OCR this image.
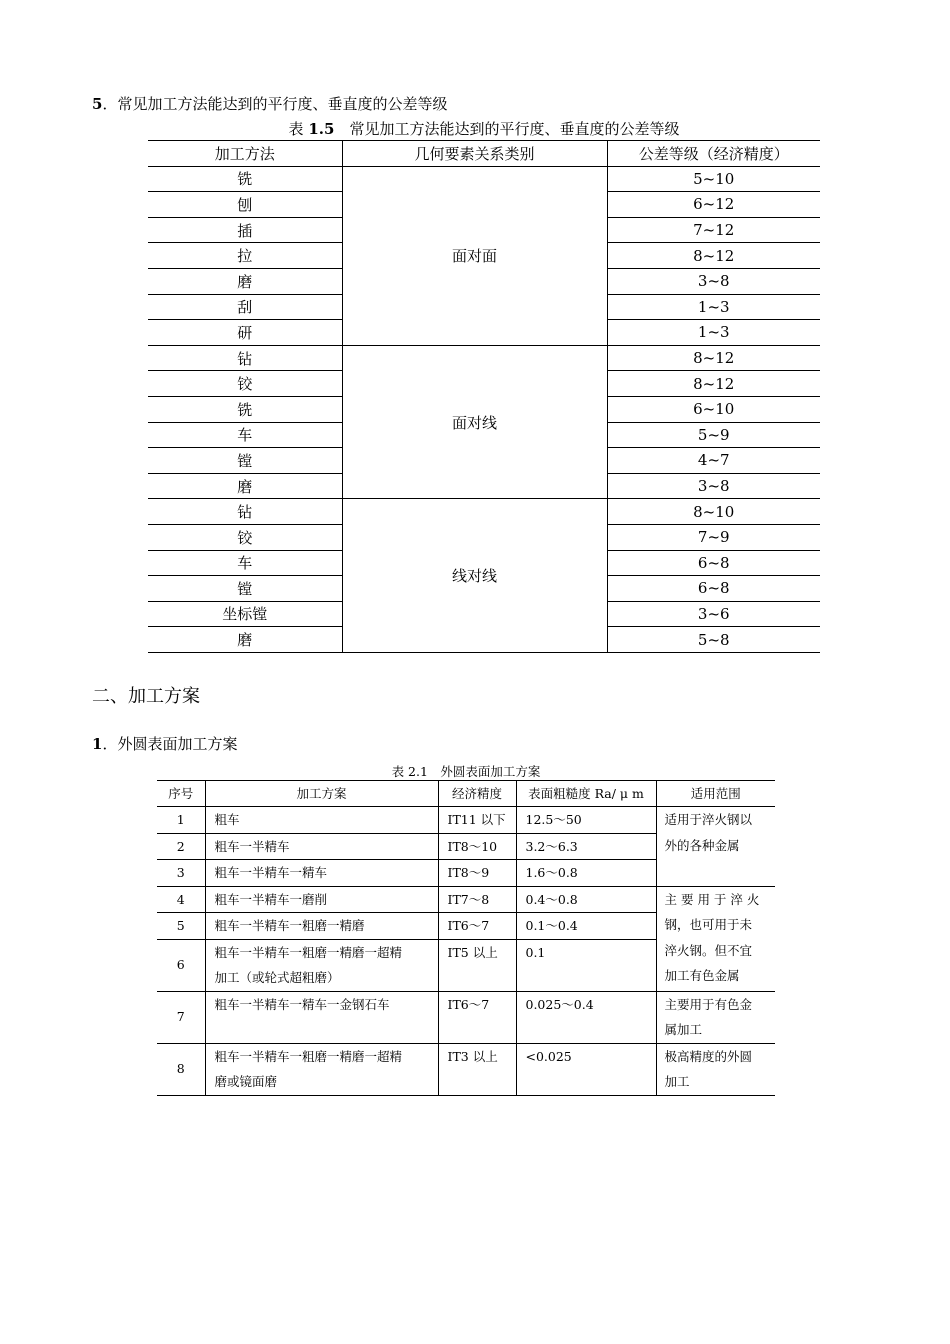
5．常见加工方法能达到的平行度、垂直度的公差等级
表 1.5　常见加工方法能达到的平行度、垂直度的公差等级
加工方法	几何要素关系类别	公差等级（经济精度）
铣	面对面	5~10
刨		6~12
插		7~12
拉		8~12
磨		3~8
刮		1~3
研		1~3
钻	面对线	8~12
铰		8~12
铣		6~10
车		5~9
镗		4~7
磨		3~8
钻	线对线	8~10
铰		7~9
车		6~8
镗		6~8
坐标镗		3~6
磨		5~8
二、加工方案
1．外圆表面加工方案
表 2.1　外圆表面加工方案
序号	加工方案	经济精度	表面粗糙度 Ra/ μ m	适用范围
1	粗车	IT11 以下	12.5～50	适用于淬火钢以
外的各种金属

2	粗车一半精车	IT8～10	3.2～6.3	
3	粗车一半精车一精车	IT8～9	1.6～0.8	
4	粗车一半精车一磨削	IT7～8	0.4～0.8	主 要 用 于 淬 火
钢，也可用于未
淬火钢。但不宜
加工有色金属

5	粗车一半精车一粗磨一精磨	IT6～7	0.1～0.4	
6	粗车一半精车一粗磨一精磨一超精
加工（或轮式超粗磨）	IT5 以上	0.1	
7	粗车一半精车一精车一金钢石车	IT6～7	0.025～0.4	主要用于有色金
属加工

8	粗车一半精车一粗磨一精磨一超精
磨或镜面磨	IT3 以上	<0.025	极高精度的外圆
加工
